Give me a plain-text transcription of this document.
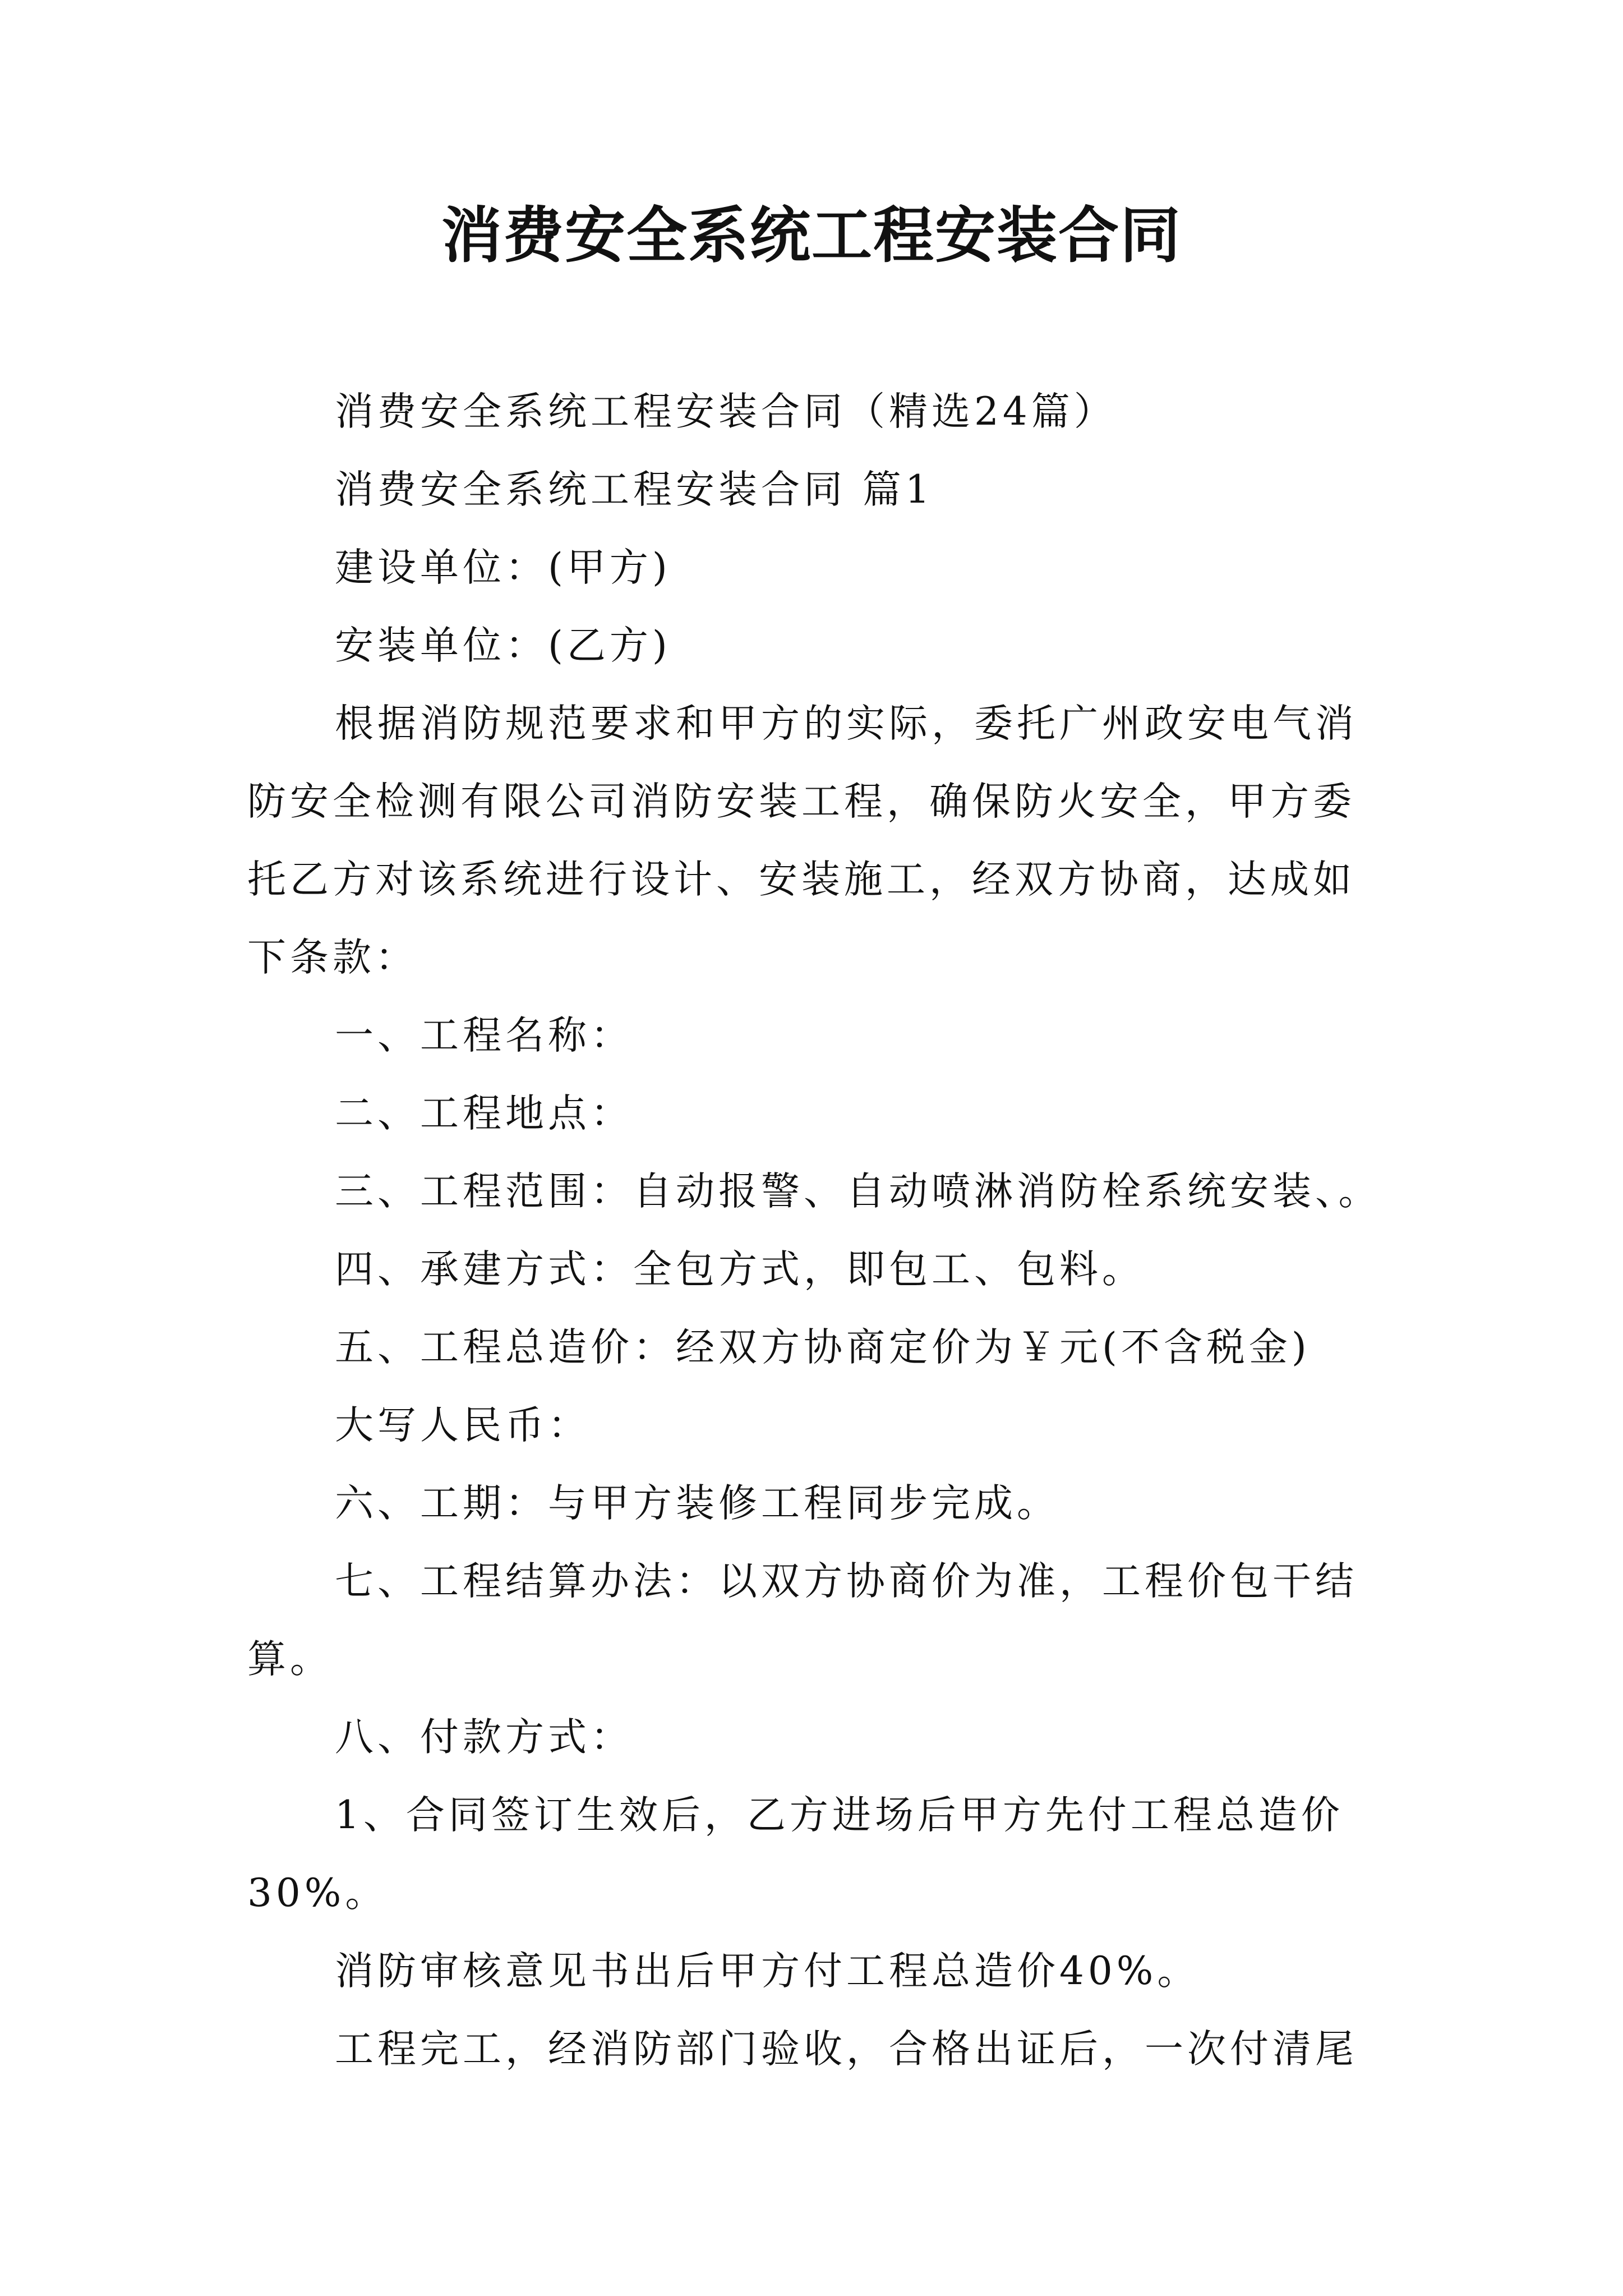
消费安全系统工程安装合同
消费安全系统工程安装合同（精选24篇）
消费安全系统工程安装合同 篇1
建设单位：(甲方)
安装单位：(乙方)
根据消防规范要求和甲方的实际，委托广州政安电气消防安全检测有限公司消防安装工程，确保防火安全，甲方委托乙方对该系统进行设计、安装施工，经双方协商，达成如下条款：
一、工程名称：
二、工程地点：
三、工程范围：自动报警、自动喷淋消防栓系统安装、。
四、承建方式：全包方式，即包工、包料。
五、工程总造价：经双方协商定价为￥元(不含税金)
大写人民币：
六、工期：与甲方装修工程同步完成。
七、工程结算办法：以双方协商价为准，工程价包干结算。
八、付款方式：
1、合同签订生效后，乙方进场后甲方先付工程总造价30%。
消防审核意见书出后甲方付工程总造价40%。
工程完工，经消防部门验收，合格出证后，一次付清尾
